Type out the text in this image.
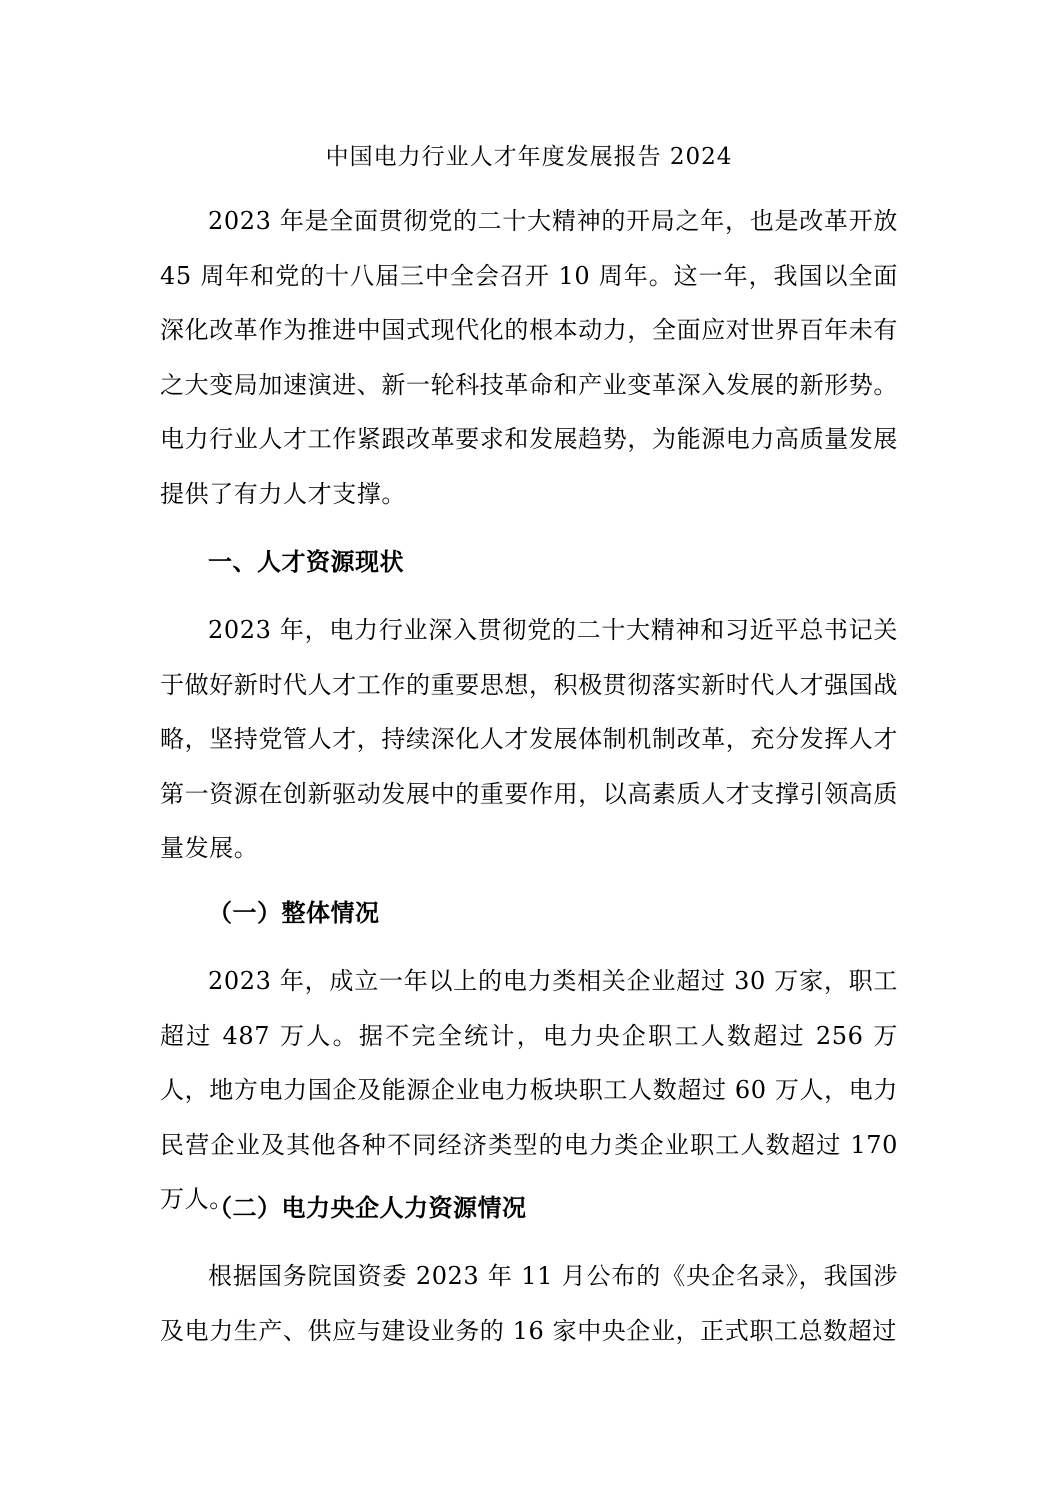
中国电力行业人才年度发展报告 2024

2023 年是全面贯彻党的二十大精神的开局之年，也是改革开放 45 周年和党的十八届三中全会召开 10 周年。这一年，我国以全面深化改革作为推进中国式现代化的根本动力，全面应对世界百年未有之大变局加速演进、新一轮科技革命和产业变革深入发展的新形势。电力行业人才工作紧跟改革要求和发展趋势，为能源电力高质量发展提供了有力人才支撑。

一、人才资源现状

2023 年，电力行业深入贯彻党的二十大精神和习近平总书记关于做好新时代人才工作的重要思想，积极贯彻落实新时代人才强国战略，坚持党管人才，持续深化人才发展体制机制改革，充分发挥人才第一资源在创新驱动发展中的重要作用，以高素质人才支撑引领高质量发展。

（一）整体情况

2023 年，成立一年以上的电力类相关企业超过 30 万家，职工超过 487 万人。据不完全统计，电力央企职工人数超过 256 万人，地方电力国企及能源企业电力板块职工人数超过 60 万人，电力民营企业及其他各种不同经济类型的电力类企业职工人数超过 170 万人。

（二）电力央企人力资源情况

根据国务院国资委 2023 年 11 月公布的《央企名录》，我国涉及电力生产、供应与建设业务的 16 家中央企业，正式职工总数超过
